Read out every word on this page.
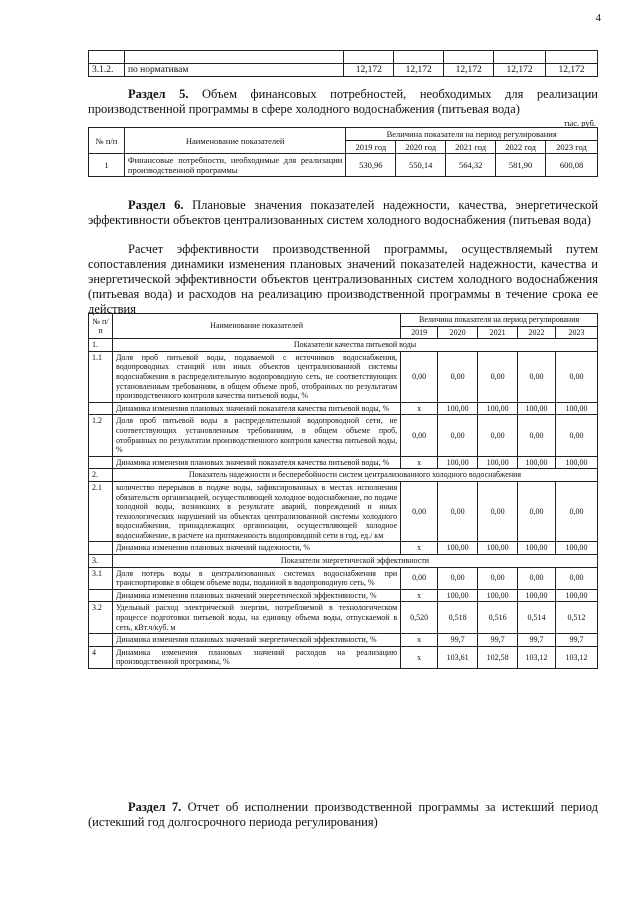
4

3.1.2.	по нормативам	12,172	12,172	12,172	12,172	12,172
Раздел 5. Объем финансовых потребностей, необходимых для реализации производственной программы в сфере холодного водоснабжения (питьевая вода)
тыс. руб.
№ п/п	Наименование показателей	Величина показателя на период регулирования				
		2019 год	2020 год	2021 год	2022 год	2023 год
1	Финансовые потребности, необходимые для реализации производственной программы	530,96	550,14	564,32	581,90	600,08
Раздел 6. Плановые значения показателей надежности, качества, энергетической эффективности объектов централизованных систем холодного водоснабжения (питьевая вода)
Расчет эффективности производственной программы, осуществляемый путем сопоставления динамики изменения плановых значений показателей надежности, качества и энергетической эффективности объектов централизованных систем холодного водоснабжения (питьевая вода) и расходов на реализацию производственной программы в течение срока ее действия
№ п/п	Наименование показателей	Величина показателя на период регулирования				
		2019	2020	2021	2022	2023
1.	Показатели качества питьевой воды					
1.1	Доля проб питьевой воды, подаваемой с источников водоснабжения, водопроводных станций или иных объектов централизованной системы водоснабжения в распределительную водопроводную сеть, не соответствующих установленным требованиям, в общем объеме проб, отобранных по результатам производственного контроля качества питьевой воды, %	0,00	0,00	0,00	0,00	0,00
	Динамика изменения плановых значений показателя качества питьевой воды, %	x	100,00	100,00	100,00	100,00
1.2	Доля проб питьевой воды в распределительной водопроводной сети, не соответствующих установленным требованиям, в общем объеме проб, отобранных по результатам производственного контроля качества питьевой воды, %	0,00	0,00	0,00	0,00	0,00
	Динамика изменения плановых значений показателя качества питьевой воды, %	x	100,00	100,00	100,00	100,00
2.	Показатель надежности и бесперебойности систем централизованного холодного водоснабжения					
2.1	количество перерывов в подаче воды, зафиксированных в местах исполнения обязательств организацией, осуществляющей холодное водоснабжение, по подаче холодной воды, возникших в результате аварий, повреждений и иных технологических нарушений на объектах централизованной системы холодного водоснабжения, принадлежащих организации, осуществляющей холодное водоснабжение, в расчете на протяженность водопроводной сети в год, ед./ км	0,00	0,00	0,00	0,00	0,00
	Динамика изменения плановых значений надежности, %	x	100,00	100,00	100,00	100,00
3.	Показатели энергетической эффективности					
3.1	Доля потерь воды в централизованных системах водоснабжения при транспортировке в общем объеме воды, поданной в водопроводную сеть, %	0,00	0,00	0,00	0,00	0,00
	Динамика изменения плановых значений энергетической эффективности, %	x	100,00	100,00	100,00	100,00
3.2	Удельный расход электрической энергии, потребляемой в технологическом процессе подготовки питьевой воды, на единицу объема воды, отпускаемой в сеть, кВт.ч/куб. м	0,520	0,518	0,516	0,514	0,512
	Динамика изменения плановых значений энергетической эффективности, %	x	99,7	99,7	99,7	99,7
4	Динамика изменения плановых значений расходов на реализацию производственной программы, %	x	103,61	102,58	103,12	103,12
Раздел 7. Отчет об исполнении производственной программы за истекший период (истекший год долгосрочного периода регулирования)
